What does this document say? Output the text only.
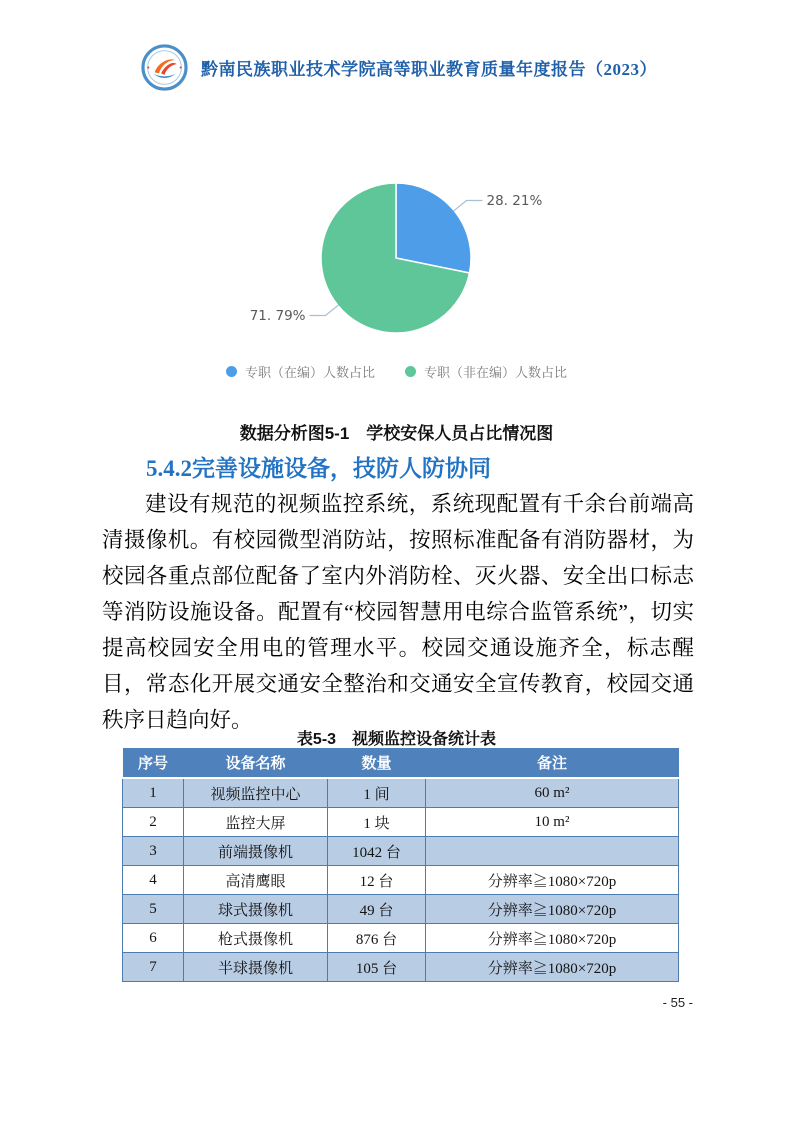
黔南民族职业技术学院高等职业教育质量年度报告（2023）
28. 21%
71. 79%
专职（在编）人数占比	专职（非在编）人数占比
数据分析图5-1　学校安保人员占比情况图
5.4.2完善设施设备，技防人防协同
建设有规范的视频监控系统，系统现配置有千余台前端高清摄像机。有校园微型消防站，按照标准配备有消防器材，为校园各重点部位配备了室内外消防栓、灭火器、安全出口标志等消防设施设备。配置有“校园智慧用电综合监管系统”，切实提高校园安全用电的管理水平。校园交通设施齐全，标志醒目，常态化开展交通安全整治和交通安全宣传教育，校园交通秩序日趋向好。
表5-3　视频监控设备统计表
序号	设备名称	数量	备注
1	视频监控中心	1 间	60 m²
2	监控大屏	1 块	10 m²
3	前端摄像机	1042 台	
4	高清鹰眼	12 台	分辨率≧1080×720p
5	球式摄像机	49 台	分辨率≧1080×720p
6	枪式摄像机	876 台	分辨率≧1080×720p
7	半球摄像机	105 台	分辨率≧1080×720p
- 55 -
